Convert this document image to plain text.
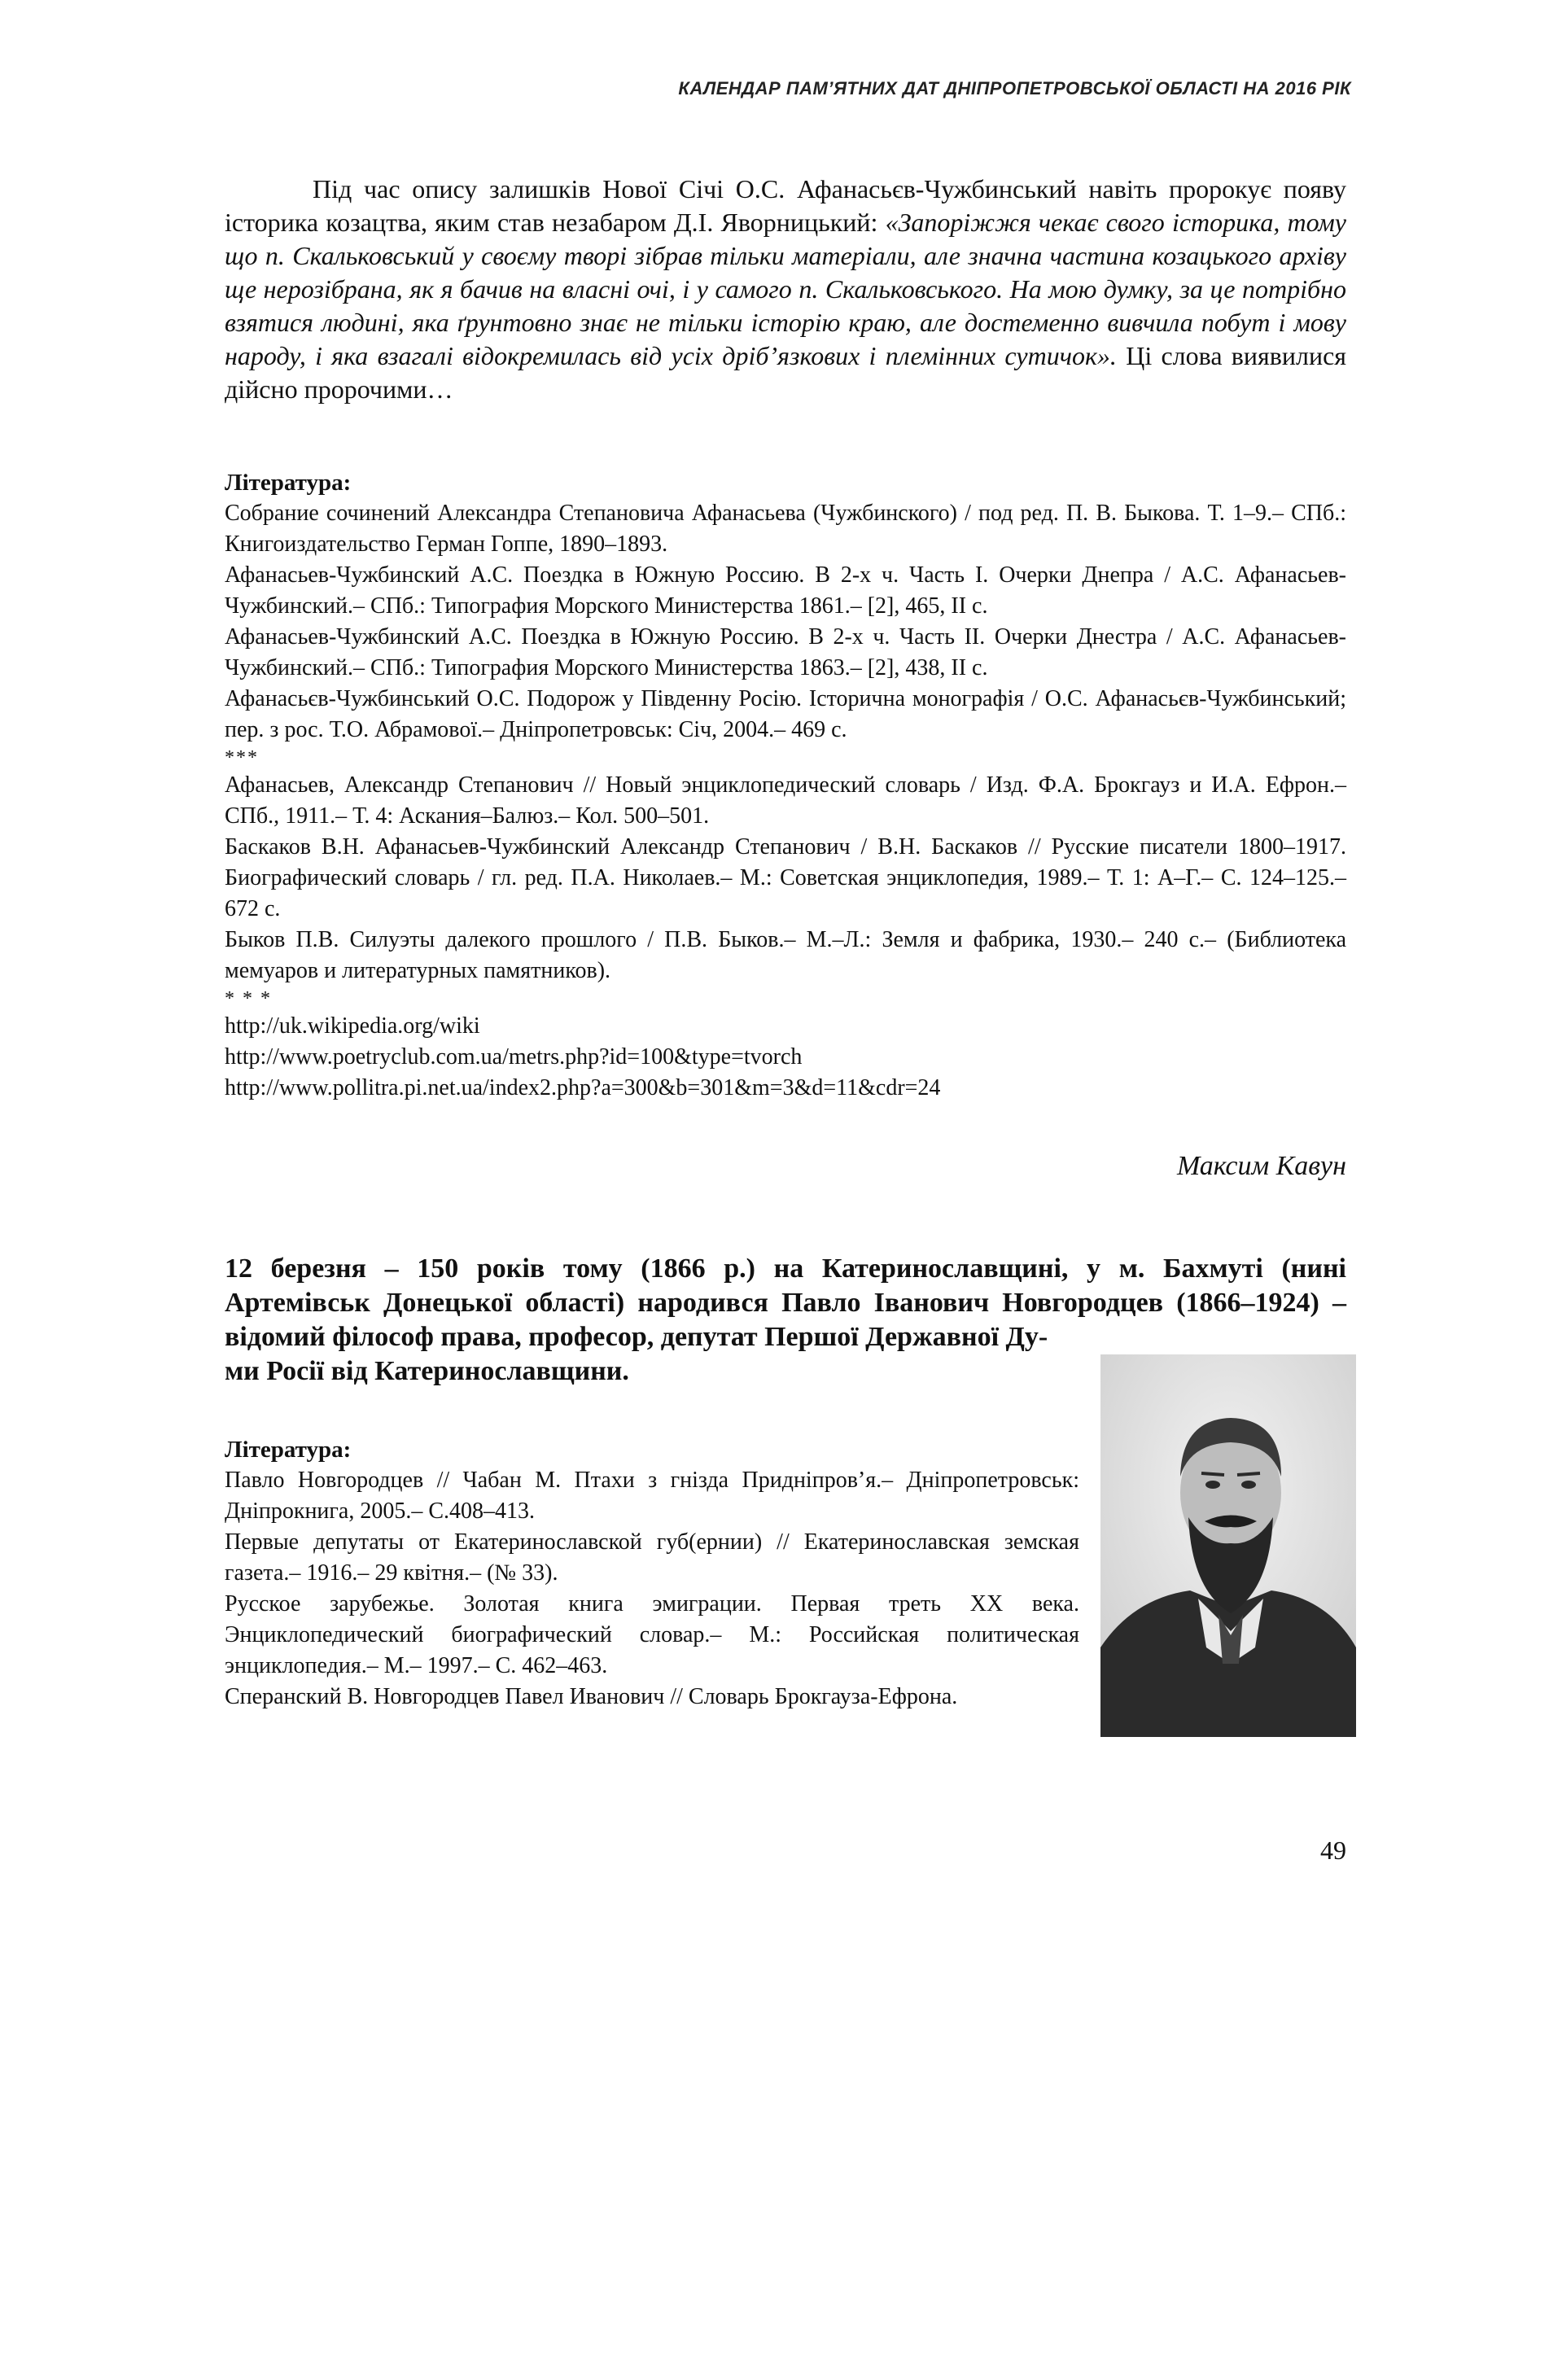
КАЛЕНДАР ПАМ’ЯТНИХ ДАТ ДНІПРОПЕТРОВСЬКОЇ ОБЛАСТІ НА 2016 РІК
Під час опису залишків Нової Січі О.С. Афанасьєв-Чужбинський навіть пророкує появу історика козацтва, яким став незабаром Д.І. Яворницький: «Запоріжжя чекає свого історика, тому що п. Скальковський у своєму творі зібрав тільки матеріали, але значна частина козацького архіву ще нерозібрана, як я бачив на власні очі, і у самого п. Скальковського. На мою думку, за це потрібно взятися людині, яка ґрунтовно знає не тільки історію краю, але достеменно вивчила побут і мову народу, і яка взагалі відокремилась від усіх дріб’язкових і племінних сутичок». Ці слова виявилися дійсно пророчими…

Література:

Собрание сочинений Александра Степановича Афанасьева (Чужбинского) / под ред. П. В. Быкова. Т. 1–9.– СПб.: Книгоиздательство Герман Гоппе, 1890–1893.

Афанасьев-Чужбинский А.С. Поездка в Южную Россию. В 2-х ч. Часть I. Очерки Днепра / А.С. Афанасьев-Чужбинский.– СПб.: Типография Морского Министерства 1861.– [2], 465, II с.

Афанасьев-Чужбинский А.С. Поездка в Южную Россию. В 2-х ч. Часть II. Очерки Днестра / А.С. Афанасьев-Чужбинский.– СПб.: Типография Морского Министерства 1863.– [2], 438, II с.

Афанасьєв-Чужбинський О.С. Подорож у Південну Росію. Історична монографія / О.С. Афанасьєв-Чужбинський; пер. з рос. Т.О. Абрамової.– Дніпропетровськ: Січ, 2004.– 469 с.

***

Афанасьев, Александр Степанович // Новый энциклопедический словарь / Изд. Ф.А. Брокгауз и И.А. Ефрон.– СПб., 1911.– Т. 4: Аскания–Балюз.– Кол. 500–501.

Баскаков В.Н. Афанасьев-Чужбинский Александр Степанович / В.Н. Баскаков // Русские писатели 1800–1917. Биографический словарь / гл. ред. П.А. Николаев.– М.: Советская энциклопедия, 1989.– Т. 1: А–Г.– С. 124–125.– 672 с.

Быков П.В. Силуэты далекого прошлого / П.В. Быков.– М.–Л.: Земля и фабрика, 1930.– 240 с.– (Библиотека мемуаров и литературных памятников).

* * *

http://uk.wikipedia.org/wiki

http://www.poetryclub.com.ua/metrs.php?id=100&type=tvorch

http://www.pollitra.pi.net.ua/index2.php?a=300&b=301&m=3&d=11&cdr=24

Максим Кавун
12 березня – 150 років тому (1866 р.) на Катеринославщині, у м. Бахмуті (нині Артемівськ Донецької області) народився Павло Іванович Новгородцев (1866–1924) – відомий філософ права, професор, депутат Першої Державної Ду-
ми Росії від Катеринославщини.

Література:

Павло Новгородцев // Чабан М. Птахи з гнізда Придніпров’я.– Дніпропетровськ: Дніпрокнига, 2005.– С.408–413.

Первые депутаты от Екатеринославской губ(ернии) // Екатеринославская земская газета.– 1916.– 29 квітня.– (№ 33).

Русское зарубежье. Золотая книга эмиграции. Первая треть XX века. Энциклопедический биографический словар.– М.: Российская политическая энциклопедия.– М.– 1997.– С. 462–463.

Сперанский В. Новгородцев Павел Иванович // Словарь Брокгауза-Ефрона.

49
